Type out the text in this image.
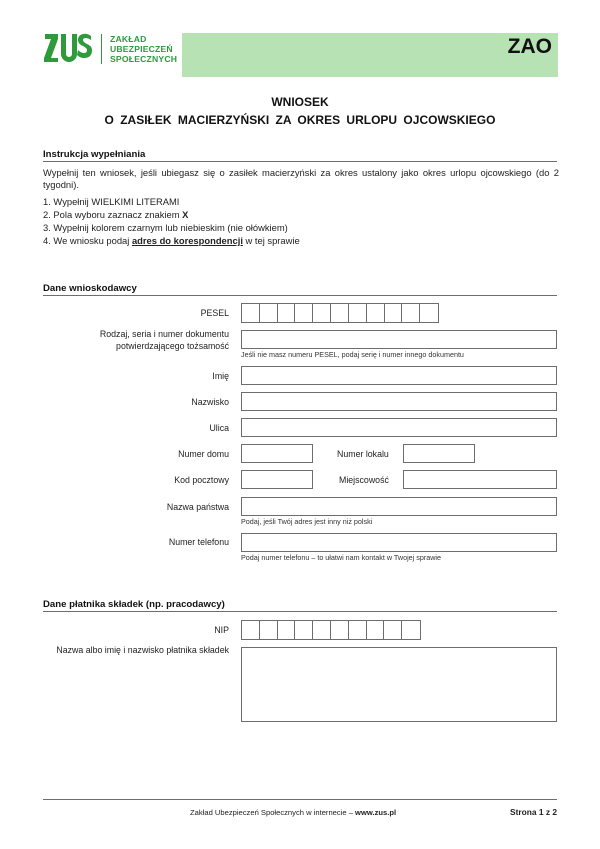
ZAKŁAD
UBEZPIECZEŃ
SPOŁECZNYCH
ZAO
WNIOSEK
O ZASIŁEK MACIERZYŃSKI ZA OKRES URLOPU OJCOWSKIEGO
Instrukcja wypełniania
Wypełnij ten wniosek, jeśli ubiegasz się o zasiłek macierzyński za okres ustalony jako okres urlopu ojcowskiego (do 2 tygodni).
1. Wypełnij WIELKIMI LITERAMI
2. Pola wyboru zaznacz znakiem X
3. Wypełnij kolorem czarnym lub niebieskim (nie ołówkiem)
4. We wniosku podaj adres do korespondencji w tej sprawie
Dane wnioskodawcy
PESEL
Rodzaj, seria i numer dokumentu
potwierdzającego tożsamość
Jeśli nie masz numeru PESEL, podaj serię i numer innego dokumentu
Imię
Nazwisko
Ulica
Numer domu	Numer lokalu
Kod pocztowy	Miejscowość
Nazwa państwa
Podaj, jeśli Twój adres jest inny niż polski
Numer telefonu
Podaj numer telefonu – to ułatwi nam kontakt w Twojej sprawie
Dane płatnika składek (np. pracodawcy)
NIP
Nazwa albo imię i nazwisko płatnika składek
Zakład Ubezpieczeń Społecznych w internecie – www.zus.pl	Strona 1 z 2
